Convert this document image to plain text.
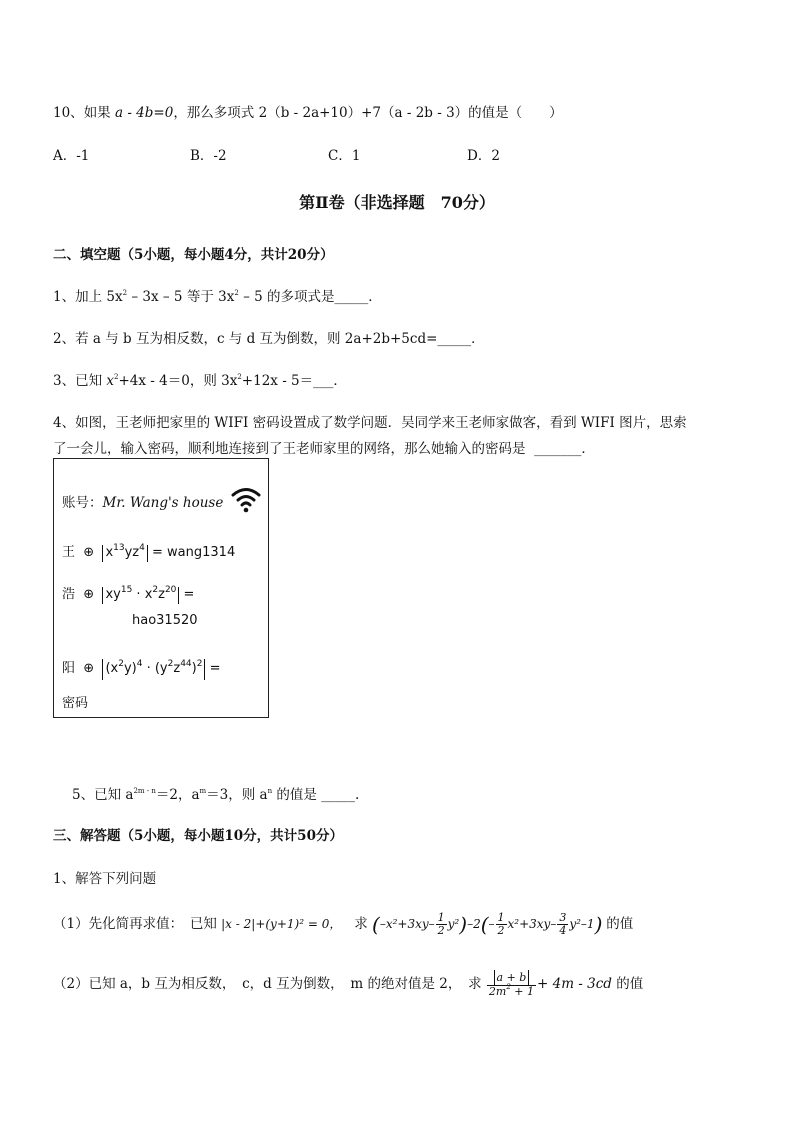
10、如果 a - 4b=0，那么多项式 2（b - 2a+10）+7（a - 2b - 3）的值是（　　）
A．-1	B．-2	C．1	D．2
第Ⅱ卷（非选择题　70分）
二、填空题（5小题，每小题4分，共计20分）
1、加上 $5x^2 - 3x - 5$ 等于 $3x^2 - 5$ 的多项式是_____．
2、若 a 与 b 互为相反数，c 与 d 互为倒数，则 2a+2b+5cd=_____．
3、已知 $x^2+4x - 4=0$，则 $3x^2+12x$ - 5＝___．
4、如图，王老师把家里的 WIFI 密码设置成了数学问题．吴同学来王老师家做客，看到 WIFI 图片，思索
了一会儿，输入密码，顺利地连接到了王老师家里的网络，那么她输入的密码是 _______．
账号：Mr. Wang's house
王 ⊕ $x^{13}yz^4$ = wang1314
浩 ⊕ $xy^{15} \cdot x^2z^{20}$ =
hao31520
阳 ⊕ $(x^2y)^4 \cdot (y^2z^{44})^2$ =
密码
5、已知 $a^{2m - n}=2$，$a^m=3$，则 $a^n$ 的值是 _____.
三、解答题（5小题，每小题10分，共计50分）
1、解答下列问题
（1）先化简再求值：　已知 |x - 2|+(y+1)² = 0， 求 $(-x^2+3xy- \frac{1}{2} y^2)-2(- \frac{1}{2} x^2+3xy- \frac{3}{4} y^2-1)$ 的值
（2）已知 a，b 互为相反数，　c，d 互为倒数，　m 的绝对值是 2，　求 $\frac{a + b}{2m^2 + 1} + 4m - 3cd$ 的值
